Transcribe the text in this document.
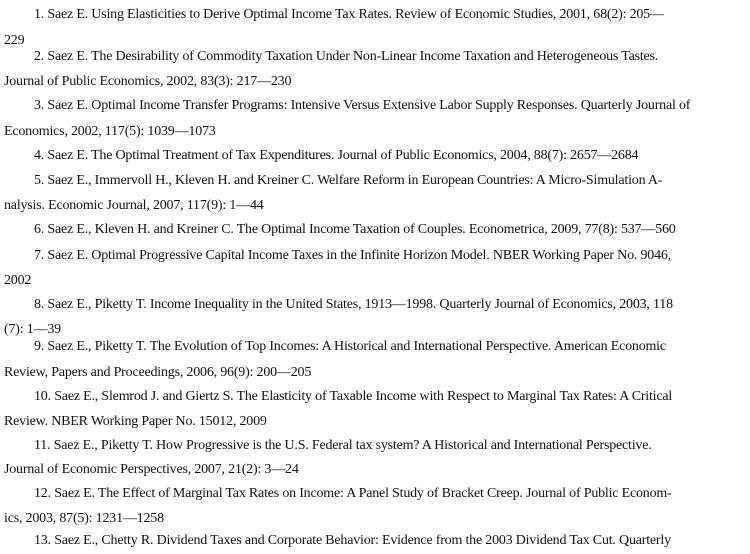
1. Saez E. Using Elasticities to Derive Optimal Income Tax Rates. Review of Economic Studies, 2001, 68(2): 205—
229
2. Saez E. The Desirability of Commodity Taxation Under Non-Linear Income Taxation and Heterogeneous Tastes.
Journal of Public Economics, 2002, 83(3): 217—230
3. Saez E. Optimal Income Transfer Programs: Intensive Versus Extensive Labor Supply Responses. Quarterly Journal of
Economics, 2002, 117(5): 1039—1073
4. Saez E. The Optimal Treatment of Tax Expenditures. Journal of Public Economics, 2004, 88(7): 2657—2684
5. Saez E., Immervoll H., Kleven H. and Kreiner C. Welfare Reform in European Countries: A Micro-Simulation A-
nalysis. Economic Journal, 2007, 117(9): 1—44
6. Saez E., Kleven H. and Kreiner C. The Optimal Income Taxation of Couples. Econometrica, 2009, 77(8): 537—560
7. Saez E. Optimal Progressive Capital Income Taxes in the Infinite Horizon Model. NBER Working Paper No. 9046,
2002
8. Saez E., Piketty T. Income Inequality in the United States, 1913—1998. Quarterly Journal of Economics, 2003, 118
(7): 1—39
9. Saez E., Piketty T. The Evolution of Top Incomes: A Historical and International Perspective. American Economic
Review, Papers and Proceedings, 2006, 96(9): 200—205
10. Saez E., Slemrod J. and Giertz S. The Elasticity of Taxable Income with Respect to Marginal Tax Rates: A Critical
Review. NBER Working Paper No. 15012, 2009
11. Saez E., Piketty T. How Progressive is the U.S. Federal tax system? A Historical and International Perspective.
Journal of Economic Perspectives, 2007, 21(2): 3—24
12. Saez E. The Effect of Marginal Tax Rates on Income: A Panel Study of Bracket Creep. Journal of Public Econom-
ics, 2003, 87(5): 1231—1258
13. Saez E., Chetty R. Dividend Taxes and Corporate Behavior: Evidence from the 2003 Dividend Tax Cut. Quarterly
